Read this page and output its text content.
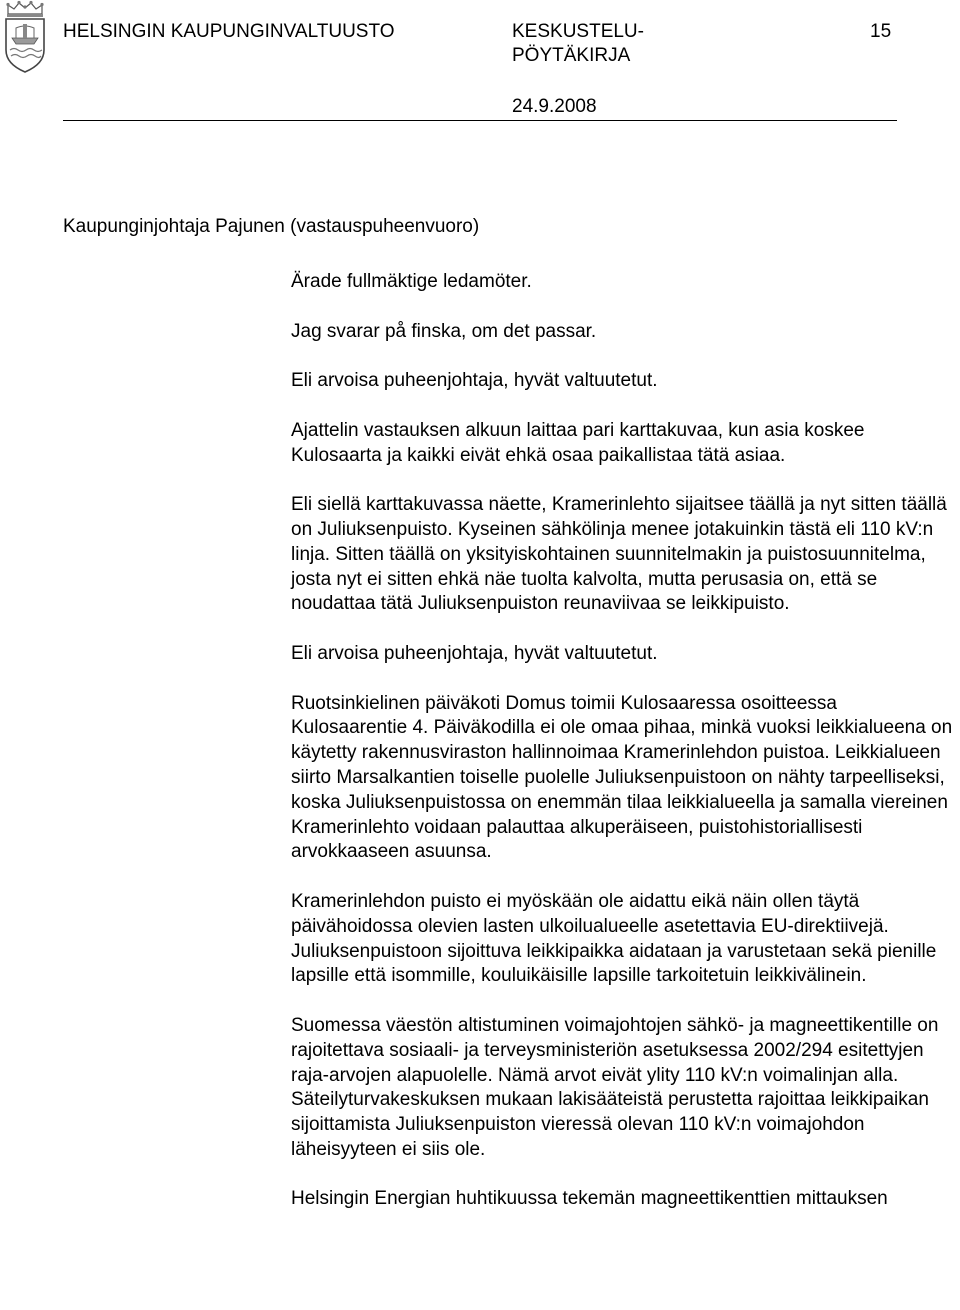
HELSINGIN KAUPUNGINVALTUUSTO	KESKUSTELU-
PÖYTÄKIRJA
15
24.9.2008
Kaupunginjohtaja Pajunen (vastauspuheenvuoro)

Ärade fullmäktige ledamöter.

Jag svarar på finska, om det passar.

Eli arvoisa puheenjohtaja, hyvät valtuutetut.

Ajattelin vastauksen alkuun laittaa pari karttakuvaa, kun asia koskee Kulosaarta ja kaikki eivät ehkä osaa paikallistaa tätä asiaa.

Eli siellä karttakuvassa näette, Kramerinlehto sijaitsee täällä ja nyt sitten täällä on Juliuksenpuisto. Kyseinen sähkölinja menee jotakuinkin tästä eli 110 kV:n linja. Sitten täällä on yksityiskohtainen suunnitelmakin ja puistosuunnitelma, josta nyt ei sitten ehkä näe tuolta kalvolta, mutta perusasia on, että se noudattaa tätä Juliuksenpuiston reunaviivaa se leikkipuisto.

Eli arvoisa puheenjohtaja, hyvät valtuutetut.

Ruotsinkielinen päiväkoti Domus toimii Kulosaaressa osoitteessa Kulosaarentie 4. Päiväkodilla ei ole omaa pihaa, minkä vuoksi leikkialueena on käytetty rakennusviraston hallinnoimaa Kramerinlehdon puistoa. Leikkialueen siirto Marsalkantien toiselle puolelle Juliuksenpuistoon on nähty tarpeelliseksi, koska Juliuksenpuistossa on enemmän tilaa leikkialueella ja samalla viereinen Kramerinlehto voidaan palauttaa alkuperäiseen, puistohistoriallisesti arvokkaaseen asuunsa.

Kramerinlehdon puisto ei myöskään ole aidattu eikä näin ollen täytä päivähoidossa olevien lasten ulkoilualueelle asetettavia EU-direktiivejä. Juliuksenpuistoon sijoittuva leikkipaikka aidataan ja varustetaan sekä pienille lapsille että isommille, kouluikäisille lapsille tarkoitetuin leikkivälinein.

Suomessa väestön altistuminen voimajohtojen sähkö- ja magneettikentille on rajoitettava sosiaali- ja terveysministeriön asetuksessa 2002/294 esitettyjen raja-arvojen alapuolelle. Nämä arvot eivät ylity 110 kV:n voimalinjan alla. Säteilyturvakeskuksen mukaan lakisääteistä perustetta rajoittaa leikkipaikan sijoittamista Juliuksenpuiston vieressä olevan 110 kV:n voimajohdon läheisyyteen ei siis ole.

Helsingin Energian huhtikuussa tekemän magneettikenttien mittauksen
